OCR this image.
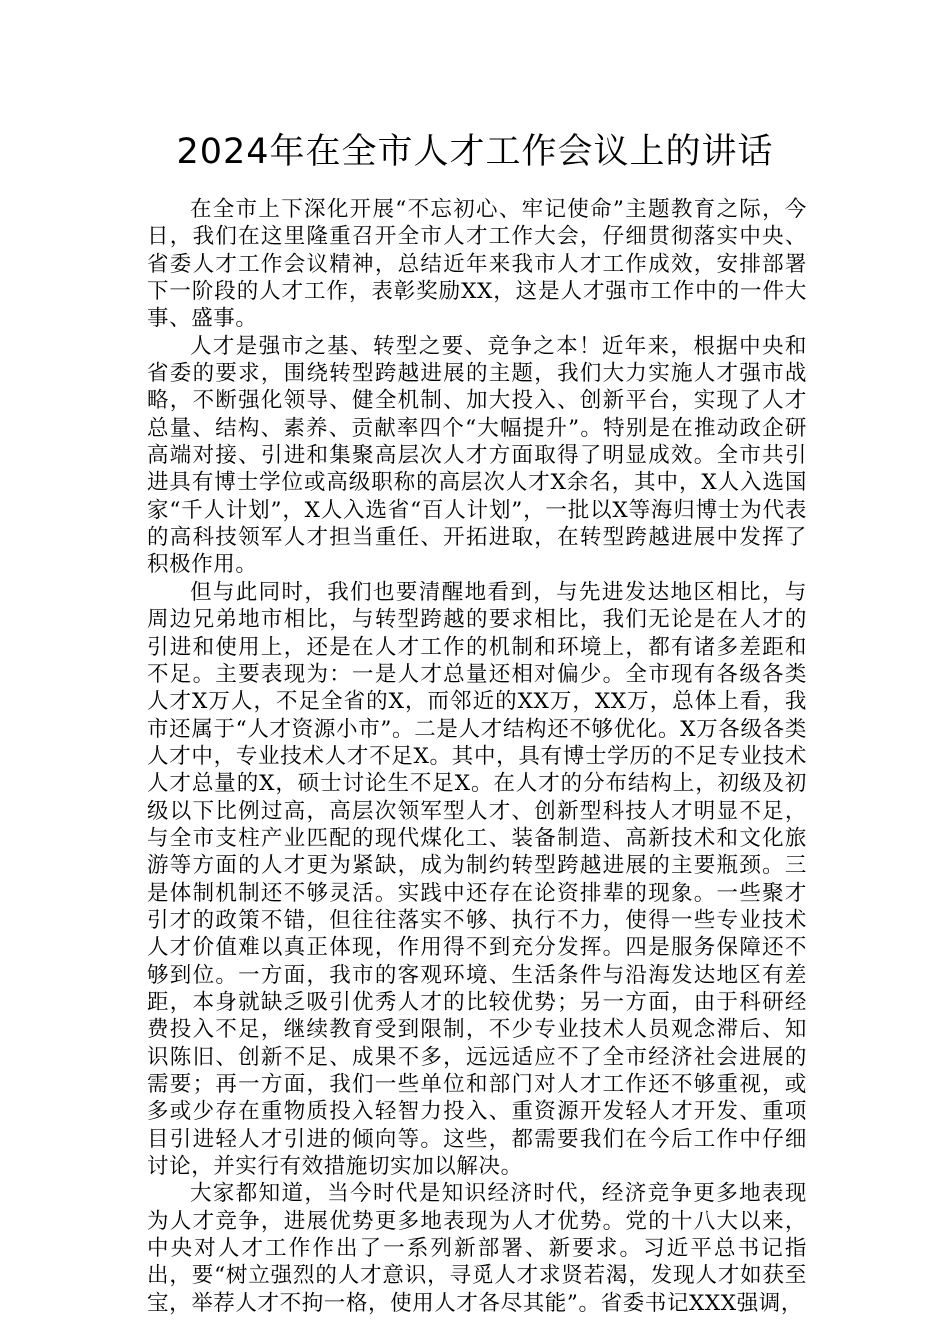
2024年在全市人才工作会议上的讲话

在全市上下深化开展“不忘初心、牢记使命”主题教育之际，今日，我们在这里隆重召开全市人才工作大会，仔细贯彻落实中央、省委人才工作会议精神，总结近年来我市人才工作成效，安排部署下一阶段的人才工作，表彰奖励XX，这是人才强市工作中的一件大事、盛事。

人才是强市之基、转型之要、竞争之本！近年来，根据中央和省委的要求，围绕转型跨越进展的主题，我们大力实施人才强市战略，不断强化领导、健全机制、加大投入、创新平台，实现了人才总量、结构、素养、贡献率四个“大幅提升”。特别是在推动政企研高端对接、引进和集聚高层次人才方面取得了明显成效。全市共引进具有博士学位或高级职称的高层次人才X余名，其中，X人入选国家“千人计划”，X人入选省“百人计划”，一批以X等海归博士为代表的高科技领军人才担当重任、开拓进取，在转型跨越进展中发挥了积极作用。

但与此同时，我们也要清醒地看到，与先进发达地区相比，与周边兄弟地市相比，与转型跨越的要求相比，我们无论是在人才的引进和使用上，还是在人才工作的机制和环境上，都有诸多差距和不足。主要表现为：一是人才总量还相对偏少。全市现有各级各类人才X万人，不足全省的X，而邻近的XX万，XX万，总体上看，我市还属于“人才资源小市”。二是人才结构还不够优化。X万各级各类人才中，专业技术人才不足X。其中，具有博士学历的不足专业技术人才总量的X，硕士讨论生不足X。在人才的分布结构上，初级及初级以下比例过高，高层次领军型人才、创新型科技人才明显不足，与全市支柱产业匹配的现代煤化工、装备制造、高新技术和文化旅游等方面的人才更为紧缺，成为制约转型跨越进展的主要瓶颈。三是体制机制还不够灵活。实践中还存在论资排辈的现象。一些聚才引才的政策不错，但往往落实不够、执行不力，使得一些专业技术人才价值难以真正体现，作用得不到充分发挥。四是服务保障还不够到位。一方面，我市的客观环境、生活条件与沿海发达地区有差距，本身就缺乏吸引优秀人才的比较优势；另一方面，由于科研经费投入不足，继续教育受到限制，不少专业技术人员观念滞后、知识陈旧、创新不足、成果不多，远远适应不了全市经济社会进展的需要；再一方面，我们一些单位和部门对人才工作还不够重视，或多或少存在重物质投入轻智力投入、重资源开发轻人才开发、重项目引进轻人才引进的倾向等。这些，都需要我们在今后工作中仔细讨论，并实行有效措施切实加以解决。

大家都知道，当今时代是知识经济时代，经济竞争更多地表现为人才竞争，进展优势更多地表现为人才优势。党的十八大以来，中央对人才工作作出了一系列新部署、新要求。习近平总书记指出，要“树立强烈的人才意识，寻觅人才求贤若渴，发现人才如获至宝，举荐人才不拘一格，使用人才各尽其能”。省委书记XXX强调，
